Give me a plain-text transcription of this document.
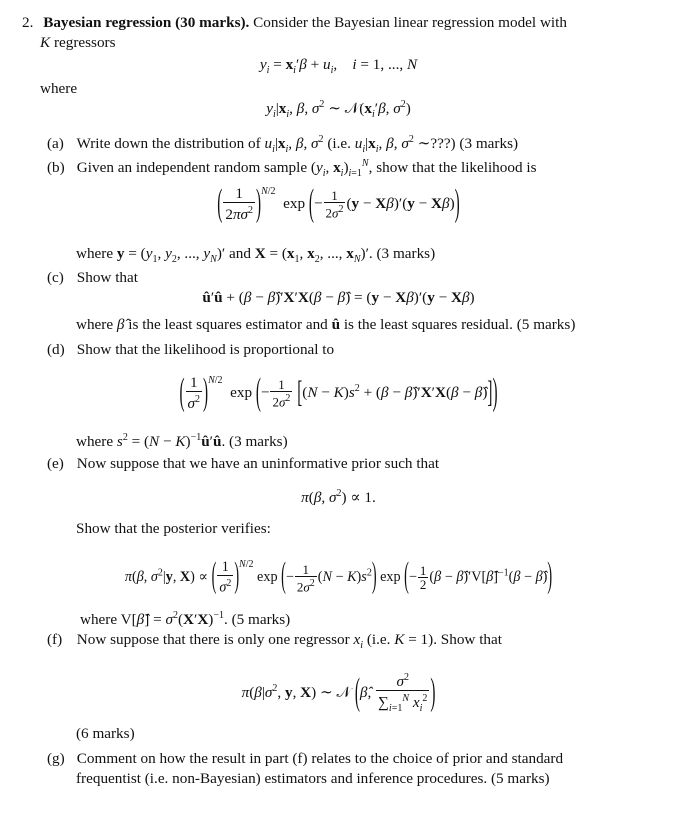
2. Bayesian regression (30 marks). Consider the Bayesian linear regression model with
K regressors
$y_i = x_i'\beta + u_i$,    i = 1, ..., N
where
$y_i|x_i$, β, $\sigma^2$ ∼ $𝒩(x_i'\beta$, $\sigma^2$)
(a) Write down the distribution of $u_i|x_i$, β, $\sigma^2$ (i.e. $u_i|x_i$, β, $\sigma^2$ ∼???) (3 marks)
(b) Given an independent random sample ($y_i$, $x_i)_{i=1}^N$, show that the likelihood is
( $\frac{1}{2\pi\sigma^2} )^{N/2}$  exp (− $\frac{1}{2\sigma^2} (y - X\beta)'(y - X\beta)$)
where $y = (y_1$, $y_2$, ..., $y_N)'$ and $X = (x_1$, $x_2$, ..., $x_N)'$. (3 marks)
(c) Show that
û′û + (β − β̂)′X′X(β − β̂) = (y − Xβ)′(y − Xβ)
where β̂ is the least squares estimator and û is the least squares residual. (5 marks)
(d) Show that the likelihood is proportional to
( $\frac{1}{\sigma^2} )^{N/2}$  exp (− $\frac{1}{2\sigma^2} [(N - K)s^2 + (\beta$ − β̂)′X′X(β − β̂)])
where $s^2 = (N$ − $K)^{-1}û'û$. (3 marks)
(e) Now suppose that we have an uninformative prior such that
π(β, $\sigma^2) \propto 1$.
Show that the posterior verifies:
π(β, $\sigma^2|y$, X) ∝ ( $\frac{1}{\sigma^2} )^{N/2}$ exp (− $\frac{1}{2\sigma^2} (N - K)s^2$) exp (− $\frac{1}{2} (\beta$ − β̂)′V[β̂]$^{-1}$(β − β̂))
where V[β̂] = $\sigma^2(X'X)^{-1}$. (5 marks)
(f) Now suppose that there is only one regressor $x_i$ (i.e. K = 1). Show that
$\pi(\beta|\sigma^2$, y, X) ∼ 𝒩 (β̂, $\frac{\sigma^2}{\sum_{i=1}^N x_i^2}$ )
(6 marks)
(g) Comment on how the result in part (f) relates to the choice of prior and standard
frequentist (i.e. non-Bayesian) estimators and inference procedures. (5 marks)
